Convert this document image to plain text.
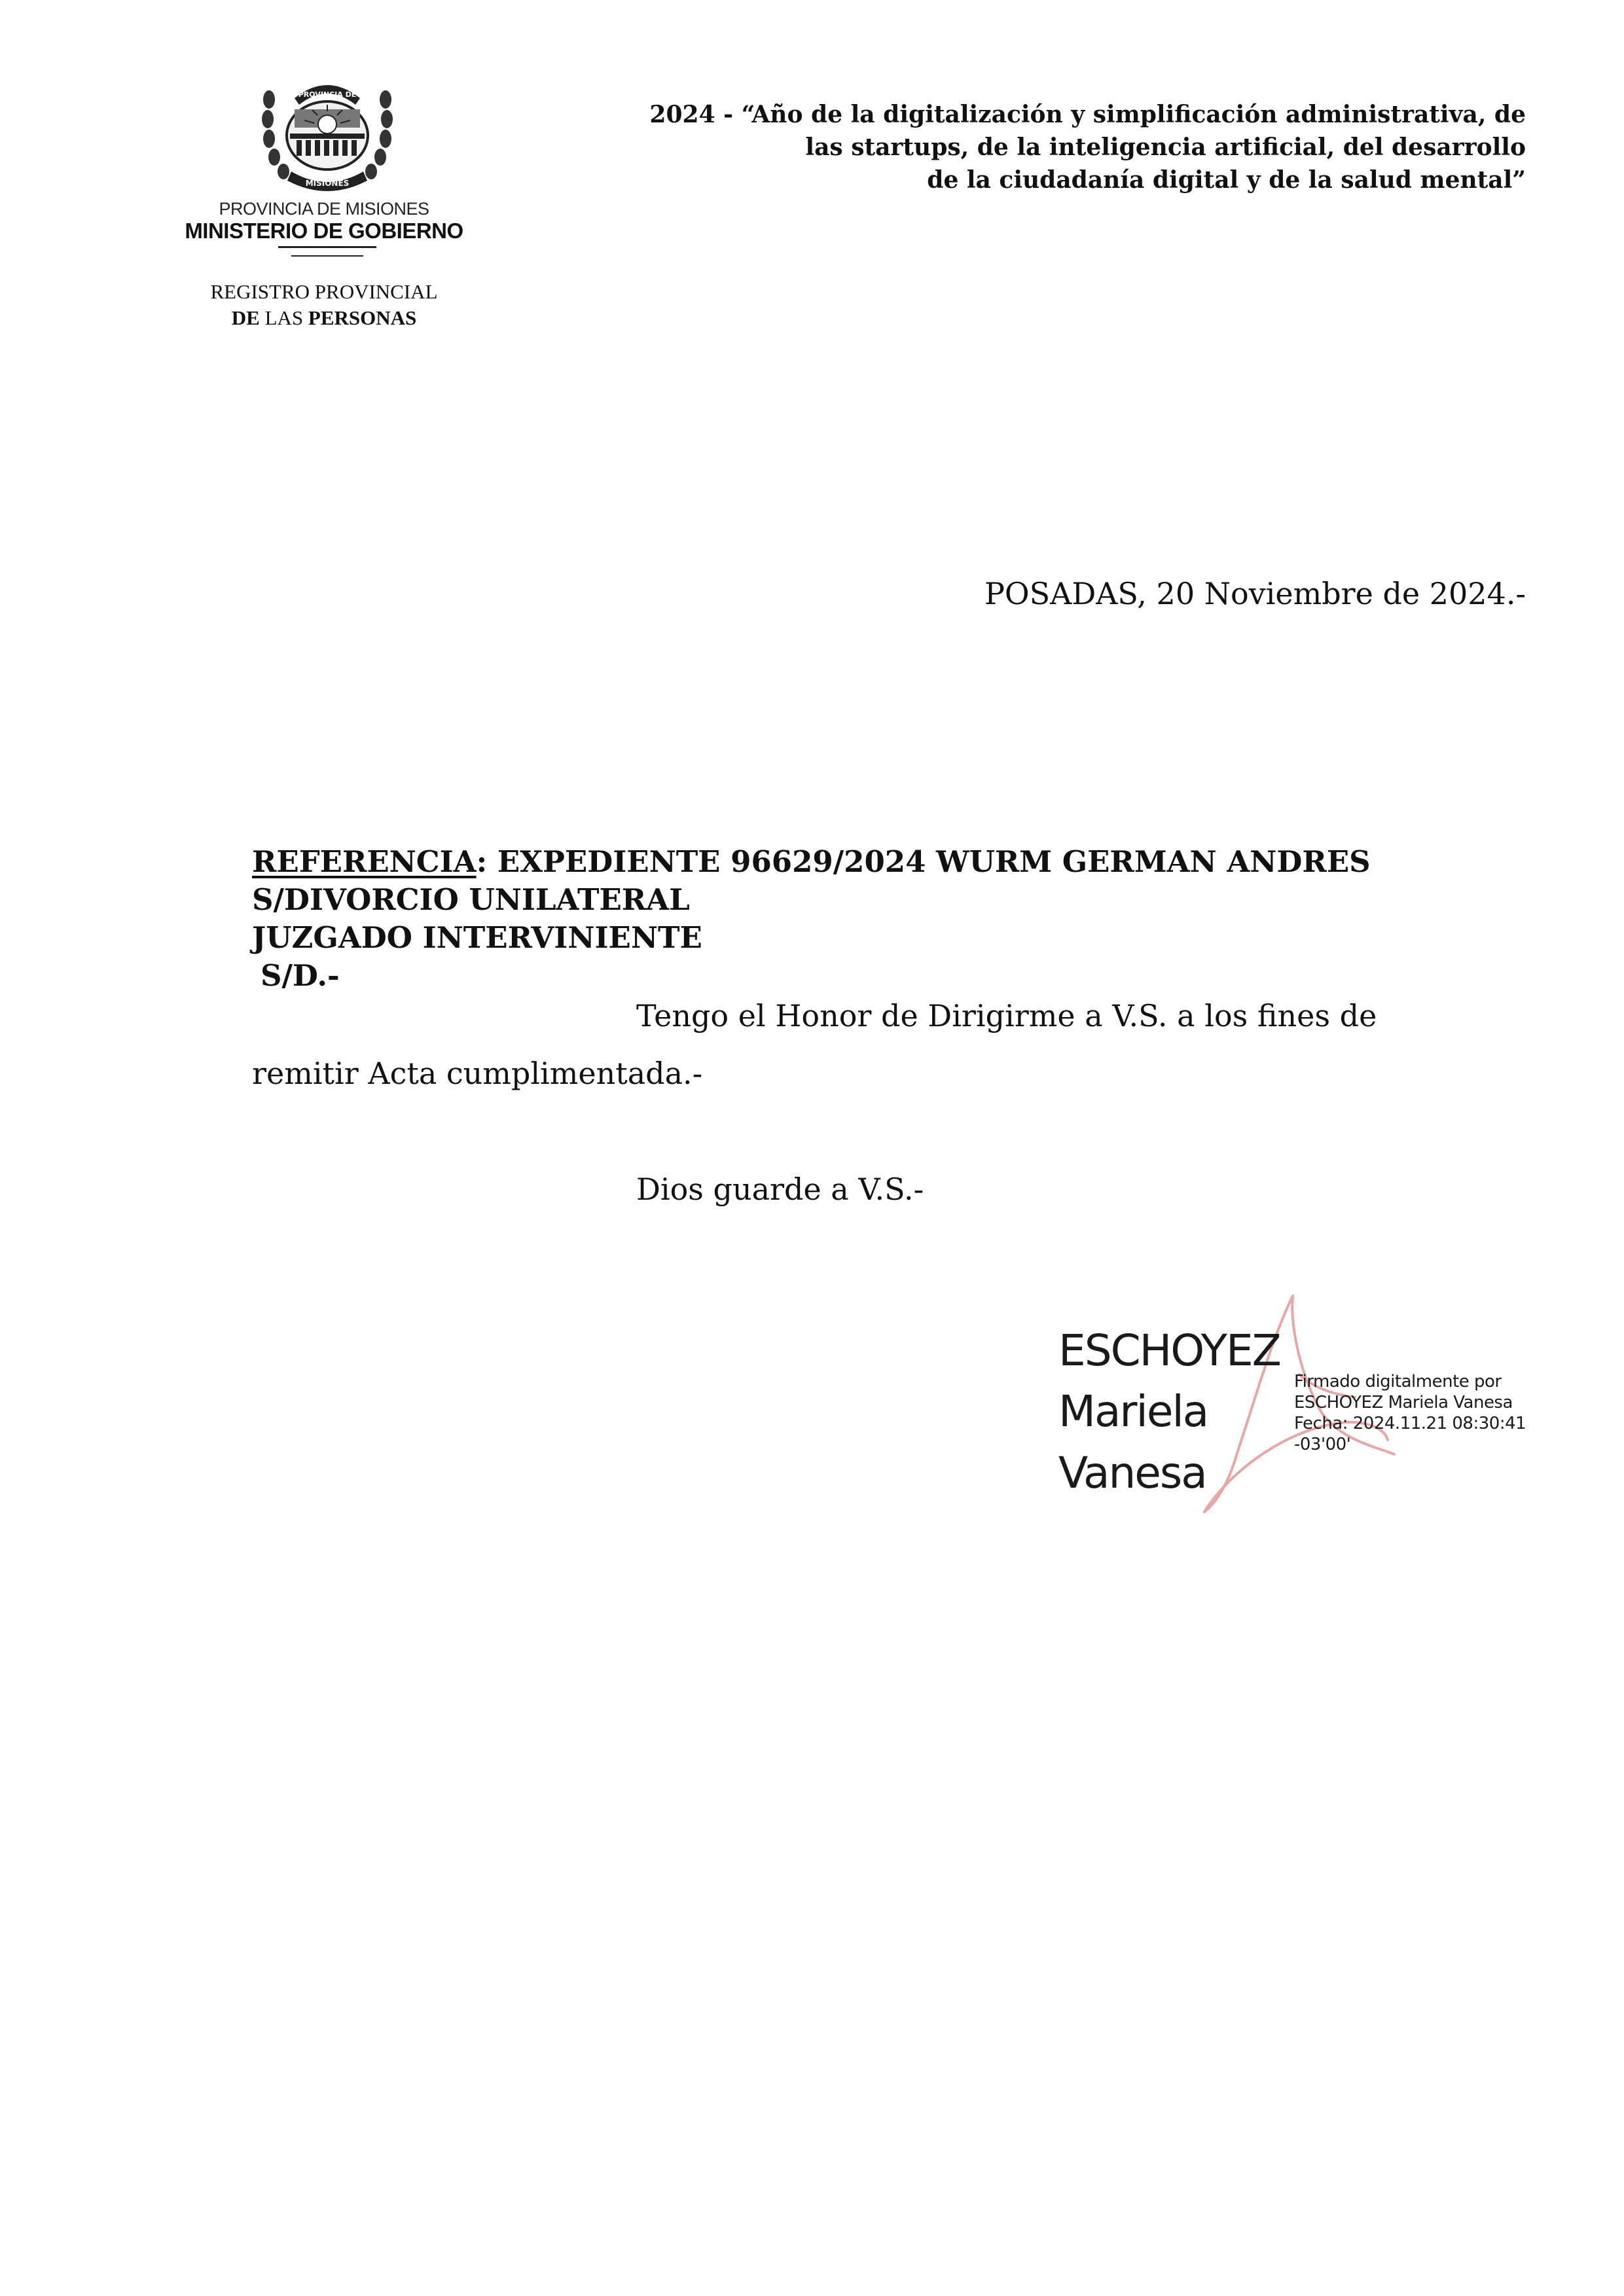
PROVINCIA DE
MISIONES
PROVINCIA DE MISIONES
MINISTERIO DE GOBIERNO
REGISTRO PROVINCIAL
DE LAS PERSONAS
2024 - “Año de la digitalización y simplificación administrativa, de
las startups, de la inteligencia artificial, del desarrollo
de la ciudadanía digital y de la salud mental”
POSADAS, 20 Noviembre de 2024.-
REFERENCIA: EXPEDIENTE 96629/2024 WURM GERMAN ANDRES
S/DIVORCIO UNILATERAL
JUZGADO INTERVINIENTE
S/D.-
Tengo el Honor de Dirigirme a V.S. a los fines de
remitir Acta cumplimentada.-
Dios guarde a V.S.-
ESCHOYEZ
Mariela
Vanesa
Firmado digitalmente por
ESCHOYEZ Mariela Vanesa
Fecha: 2024.11.21 08:30:41
-03'00'
